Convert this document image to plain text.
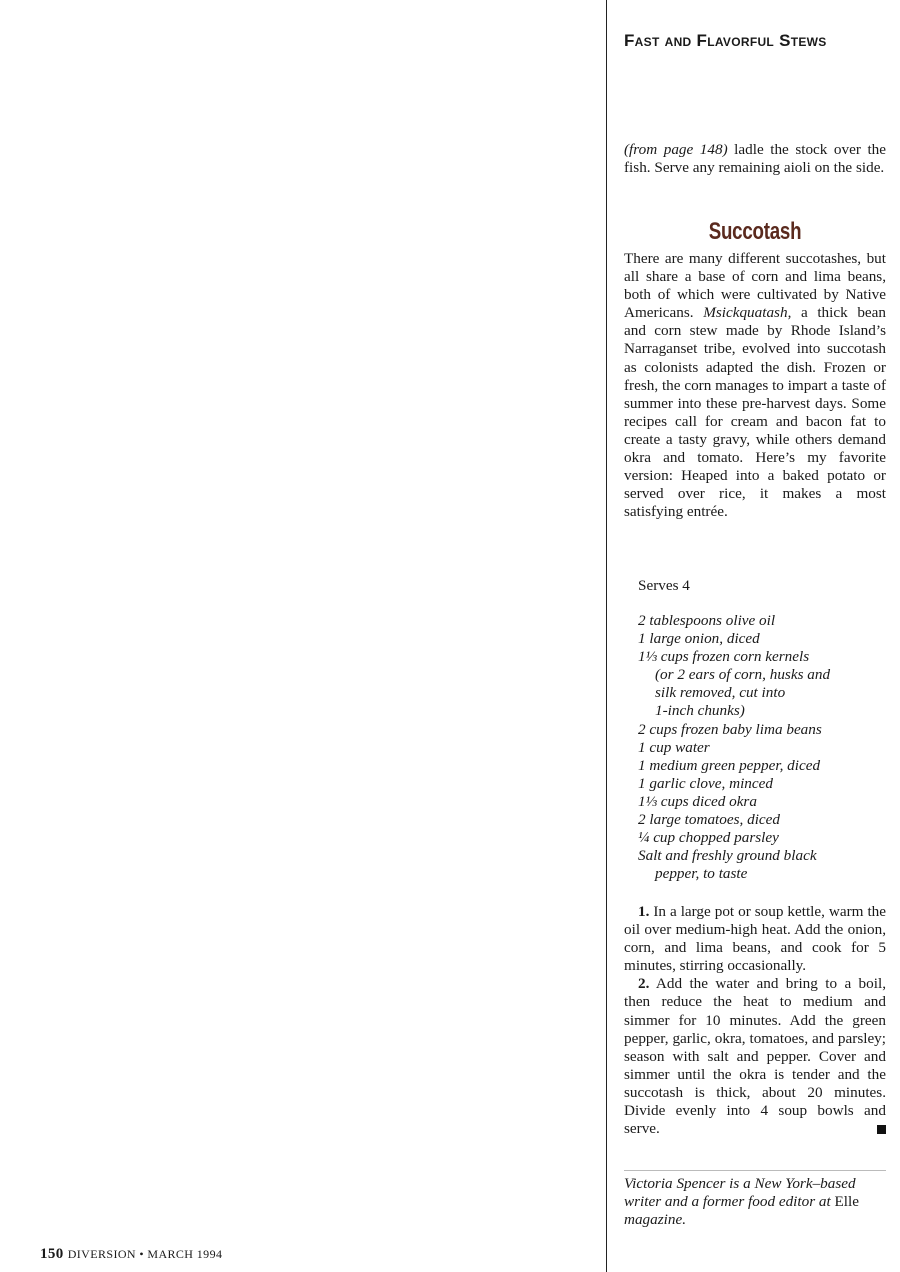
Fast and Flavorful Stews

(from page 148) ladle the stock over the fish. Serve any remaining aioli on the side.

Succotash

There are many different succotashes, but all share a base of corn and lima beans, both of which were cultivated by Native Americans. Msickquatash, a thick bean and corn stew made by Rhode Island’s Narraganset tribe, evolved into succotash as colonists adapted the dish. Frozen or fresh, the corn manages to impart a taste of summer into these pre-harvest days. Some recipes call for cream and bacon fat to create a tasty gravy, while others demand okra and tomato. Here’s my favorite version: Heaped into a baked potato or served over rice, it makes a most satisfying entrée.

Serves 4
2 tablespoons olive oil
1 large onion, diced
1⅓ cups frozen corn kernels
(or 2 ears of corn, husks and
silk removed, cut into
1-inch chunks)
2 cups frozen baby lima beans
1 cup water
1 medium green pepper, diced
1 garlic clove, minced
1⅓ cups diced okra
2 large tomatoes, diced
¼ cup chopped parsley
Salt and freshly ground black
pepper, to taste

1. In a large pot or soup kettle, warm the oil over medium-high heat. Add the onion, corn, and lima beans, and cook for 5 minutes, stirring occasionally.

2. Add the water and bring to a boil, then reduce the heat to medium and simmer for 10 minutes. Add the green pepper, garlic, okra, tomatoes, and parsley; season with salt and pepper. Cover and simmer until the okra is tender and the succotash is thick, about 20 minutes. Divide evenly into 4 soup bowls and serve.

Victoria Spencer is a New York–based writer and a former food editor at Elle magazine.

150 DIVERSION • MARCH 1994
